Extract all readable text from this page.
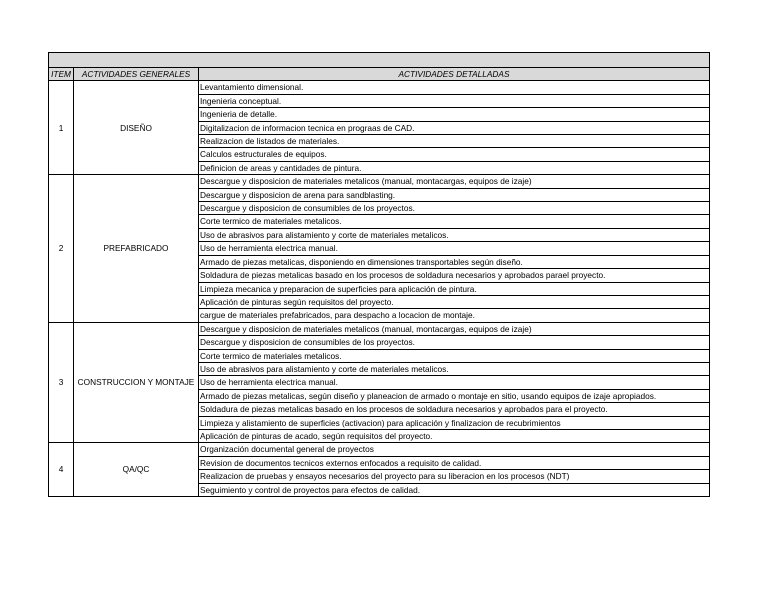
ITEM	ACTIVIDADES GENERALES	ACTIVIDADES DETALLADAS
1	DISEÑO	Levantamiento dimensional.
		Ingenieria conceptual.
		Ingenieria de detalle.
		Digitalizacion de informacion tecnica en prograas de CAD.
		Realizacion de listados de materiales.
		Calculos estructurales de equipos.
		Definicion de areas y cantidades de pintura.
2	PREFABRICADO	Descargue y disposicion de materiales metalicos (manual, montacargas, equipos de izaje)
		Descargue y disposicion de arena para sandblasting.
		Descargue y disposicion de consumibles de los proyectos.
		Corte termico de materiales metalicos.
		Uso de abrasivos para alistamiento y corte de materiales metalicos.
		Uso de herramienta electrica manual.
		Armado de piezas metalicas, disponiendo en dimensiones transportables según diseño.
		Soldadura de piezas metalicas basado en los procesos de soldadura necesarios y aprobados parael proyecto.
		Limpieza mecanica y preparacion de superficies para aplicación de pintura.
		Aplicación de pinturas según requisitos del proyecto.
		cargue de materiales prefabricados, para despacho a locacion de montaje.
3	CONSTRUCCION Y MONTAJE	Descargue y disposicion de materiales metalicos (manual, montacargas, equipos de izaje)
		Descargue y disposicion de consumibles de los proyectos.
		Corte termico de materiales metalicos.
		Uso de abrasivos para alistamiento y corte de materiales metalicos.
		Uso de herramienta electrica manual.
		Armado de piezas metalicas, según diseño y planeacion de armado o montaje en sitio, usando equipos de izaje apropiados.
		Soldadura de piezas metalicas basado en los procesos de soldadura necesarios y aprobados para el proyecto.
		Limpieza y alistamiento de superficies (activacion) para aplicación y finalizacion de recubrimientos
		Aplicación de pinturas de acado, según requisitos del proyecto.
4	QA/QC	Organización documental general de proyectos
		Revision de documentos tecnicos externos enfocados a requisito de calidad.
		Realizacion de pruebas y ensayos necesarios del proyecto para su liberacion en los procesos (NDT)
		Seguimiento y control de proyectos para efectos de calidad.
